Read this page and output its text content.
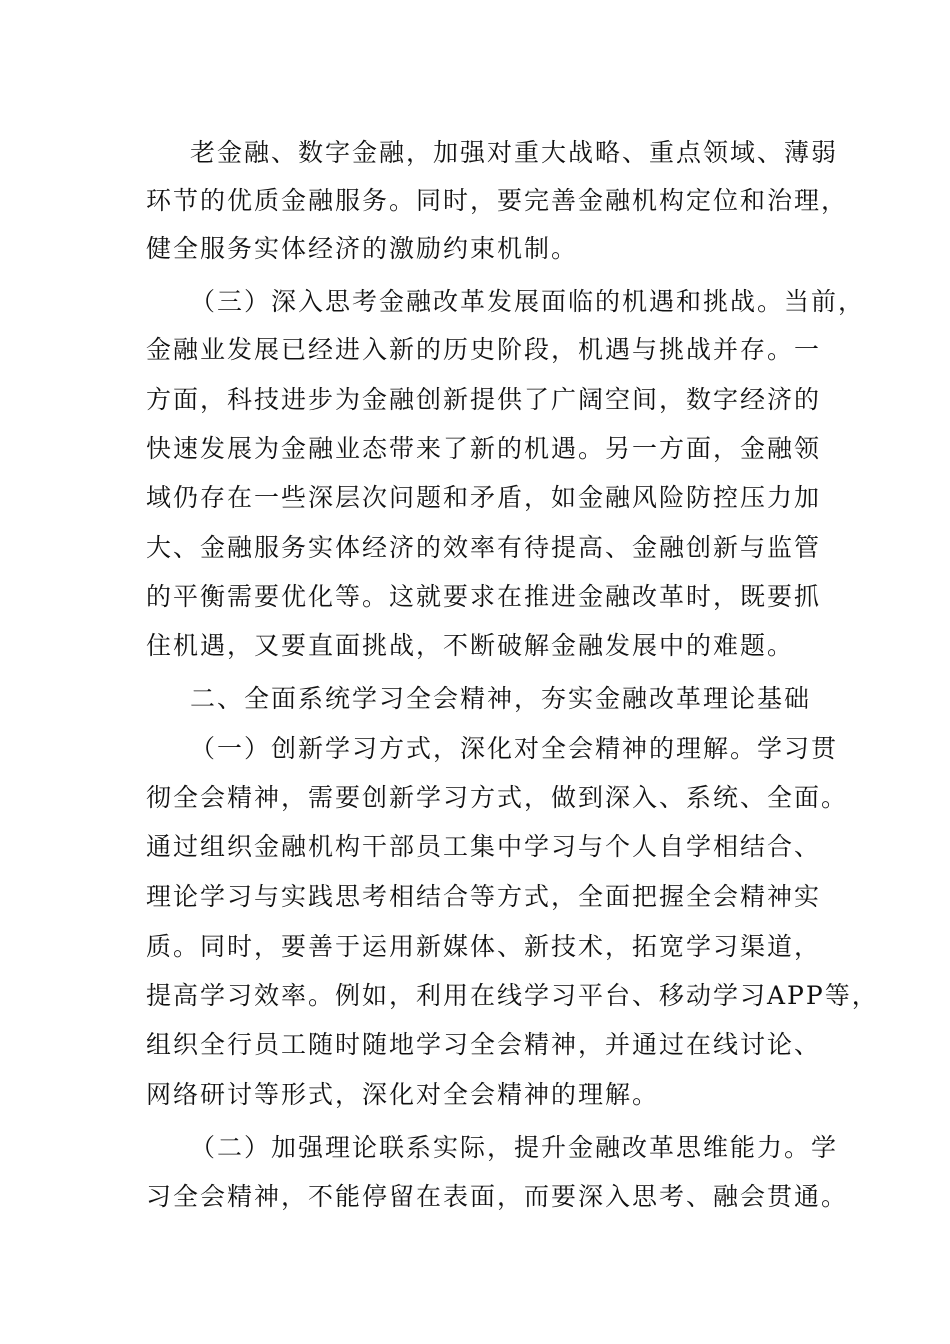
老金融、数字金融，加强对重大战略、重点领域、薄弱
环节的优质金融服务。同时，要完善金融机构定位和治理，
健全服务实体经济的激励约束机制。
（三）深入思考金融改革发展面临的机遇和挑战。当前，
金融业发展已经进入新的历史阶段，机遇与挑战并存。一
方面，科技进步为金融创新提供了广阔空间，数字经济的
快速发展为金融业态带来了新的机遇。另一方面，金融领
域仍存在一些深层次问题和矛盾，如金融风险防控压力加
大、金融服务实体经济的效率有待提高、金融创新与监管
的平衡需要优化等。这就要求在推进金融改革时，既要抓
住机遇，又要直面挑战，不断破解金融发展中的难题。
二、全面系统学习全会精神，夯实金融改革理论基础
（一）创新学习方式，深化对全会精神的理解。学习贯
彻全会精神，需要创新学习方式，做到深入、系统、全面。
通过组织金融机构干部员工集中学习与个人自学相结合、
理论学习与实践思考相结合等方式，全面把握全会精神实
质。同时，要善于运用新媒体、新技术，拓宽学习渠道，
提高学习效率。例如，利用在线学习平台、移动学习APP等，
组织全行员工随时随地学习全会精神，并通过在线讨论、
网络研讨等形式，深化对全会精神的理解。
（二）加强理论联系实际，提升金融改革思维能力。学
习全会精神，不能停留在表面，而要深入思考、融会贯通。
